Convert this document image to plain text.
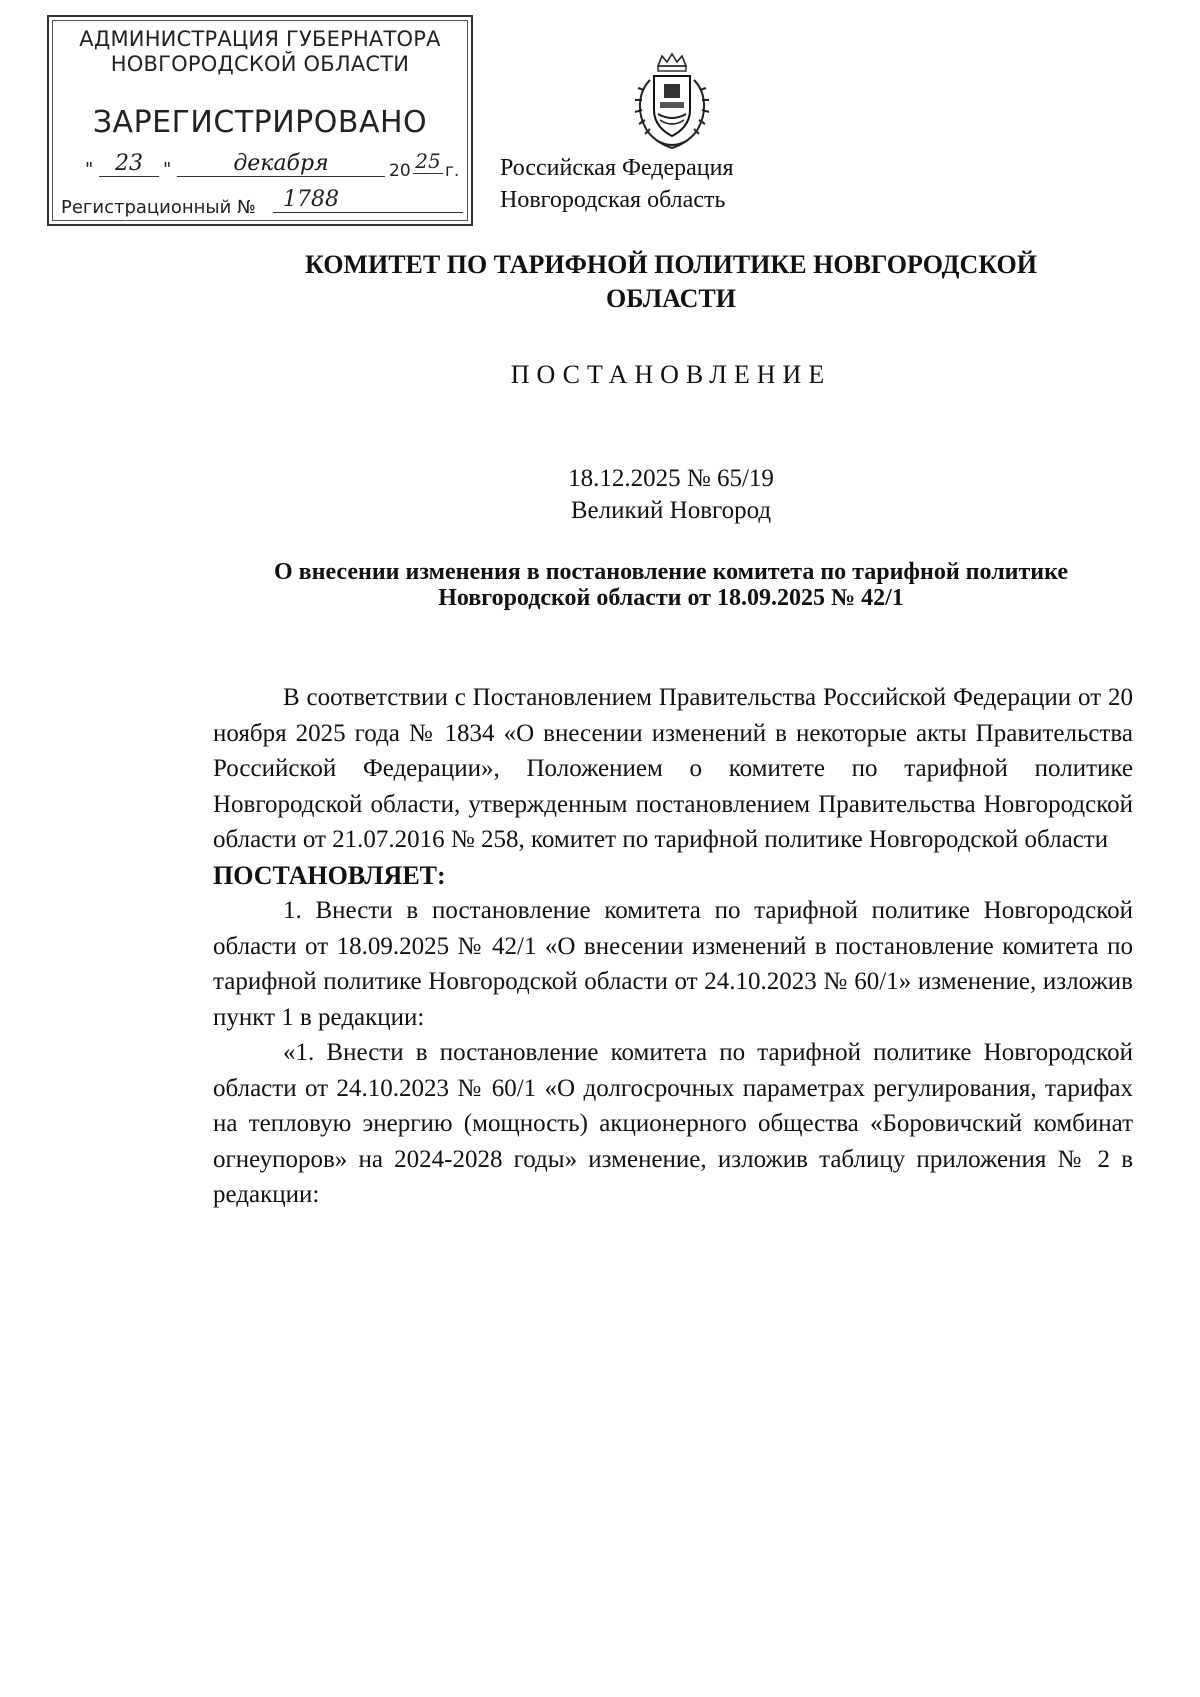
АДМИНИСТРАЦИЯ ГУБЕРНАТОРА
НОВГОРОДСКОЙ ОБЛАСТИ
ЗАРЕГИСТРИРОВАНО
" 23	"	декабря	20 25 г.
Регистрационный №	1788
Российская Федерация
Новгородская область
КОМИТЕТ ПО ТАРИФНОЙ ПОЛИТИКЕ НОВГОРОДСКОЙ
ОБЛАСТИ
ПОСТАНОВЛЕНИЕ
18.12.2025 № 65/19
Великий Новгород
О внесении изменения в постановление комитета по тарифной политике
Новгородской области от 18.09.2025 № 42/1

В соответствии с Постановлением Правительства Российской Федерации от 20 ноября 2025 года № 1834 «О внесении изменений в некоторые акты Правительства Российской Федерации», Положением о комитете по тарифной политике Новгородской области, утвержденным постановлением Правительства Новгородской области от 21.07.2016 № 258, комитет по тарифной политике Новгородской области

ПОСТАНОВЛЯЕТ:

1. Внести в постановление комитета по тарифной политике Новгородской области от 18.09.2025 № 42/1 «О внесении изменений в постановление комитета по тарифной политике Новгородской области от 24.10.2023 № 60/1» изменение, изложив пункт 1 в редакции:

«1. Внести в постановление комитета по тарифной политике Новгородской области от 24.10.2023 № 60/1 «О долгосрочных параметрах регулирования, тарифах на тепловую энергию (мощность) акционерного общества «Боровичский комбинат огнеупоров» на 2024-2028 годы» изменение, изложив таблицу приложения № 2 в редакции:
